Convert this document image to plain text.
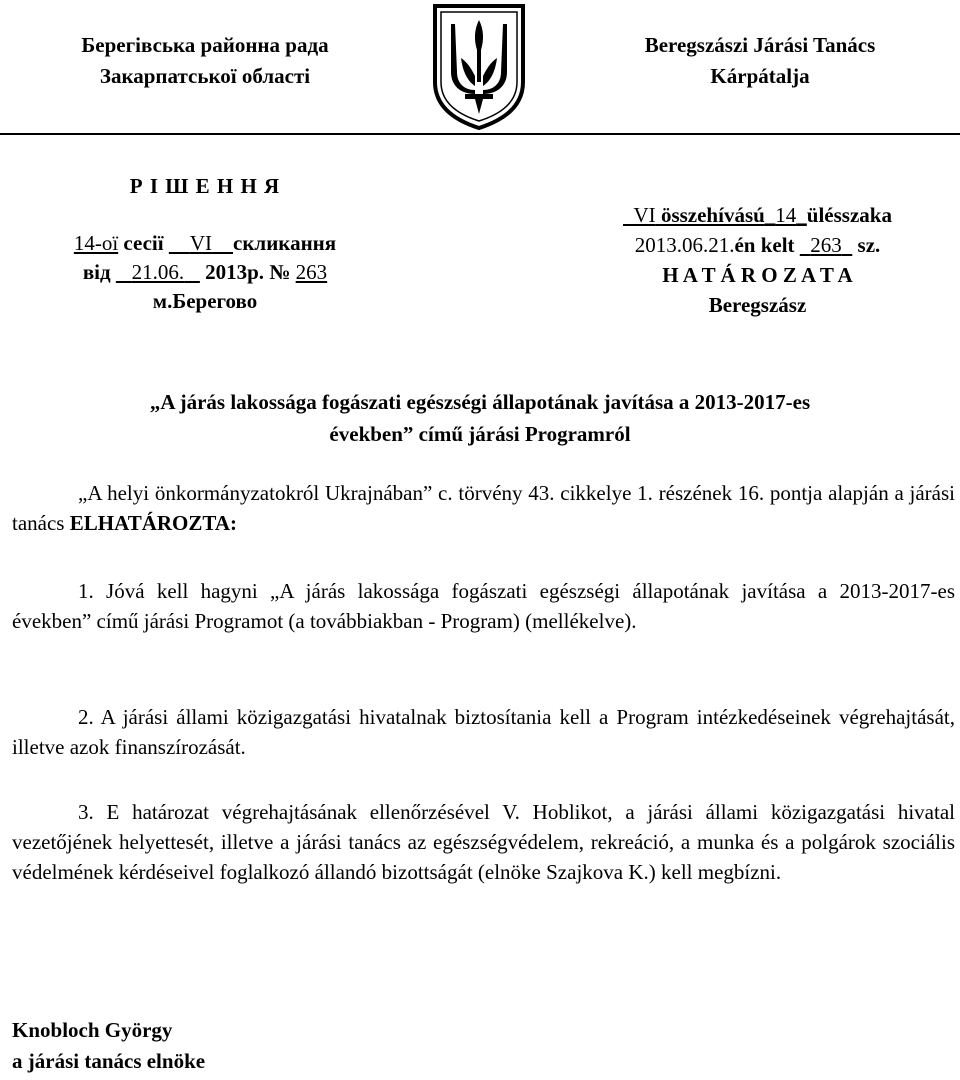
Берегівська районна рада
Закарпатської області
Beregszászi Járási Tanács
Kárpátalja
Р І Ш Е Н Н Я
14-ої сесії VI скликання
від 21.06. 2013р. № 263
м.Берегово
VI összehívású_14_ülésszaka
2013.06.21.én kelt 263 sz.
H A T Á R O Z A T A
Beregszász
„A járás lakossága fogászati egészségi állapotának javítása a 2013-2017-es
években” című járási Programról

„A helyi önkormányzatokról Ukrajnában” c. törvény 43. cikkelye 1. részének 16. pontja alapján a járási tanács ELHATÁROZTA:

1. Jóvá kell hagyni „A járás lakossága fogászati egészségi állapotának javítása a 2013-2017-es években” című járási Programot (a továbbiakban - Program) (mellékelve).

2. A járási állami közigazgatási hivatalnak biztosítania kell a Program intézkedéseinek végrehajtását, illetve azok finanszírozását.

3. E határozat végrehajtásának ellenőrzésével V. Hoblikot, a járási állami közigazgatási hivatal vezetőjének helyettesét, illetve a járási tanács az egészségvédelem, rekreáció, a munka és a polgárok szociális védelmének kérdéseivel foglalkozó állandó bizottságát (elnöke Szajkova K.) kell megbízni.

Knobloch György
a járási tanács elnöke
